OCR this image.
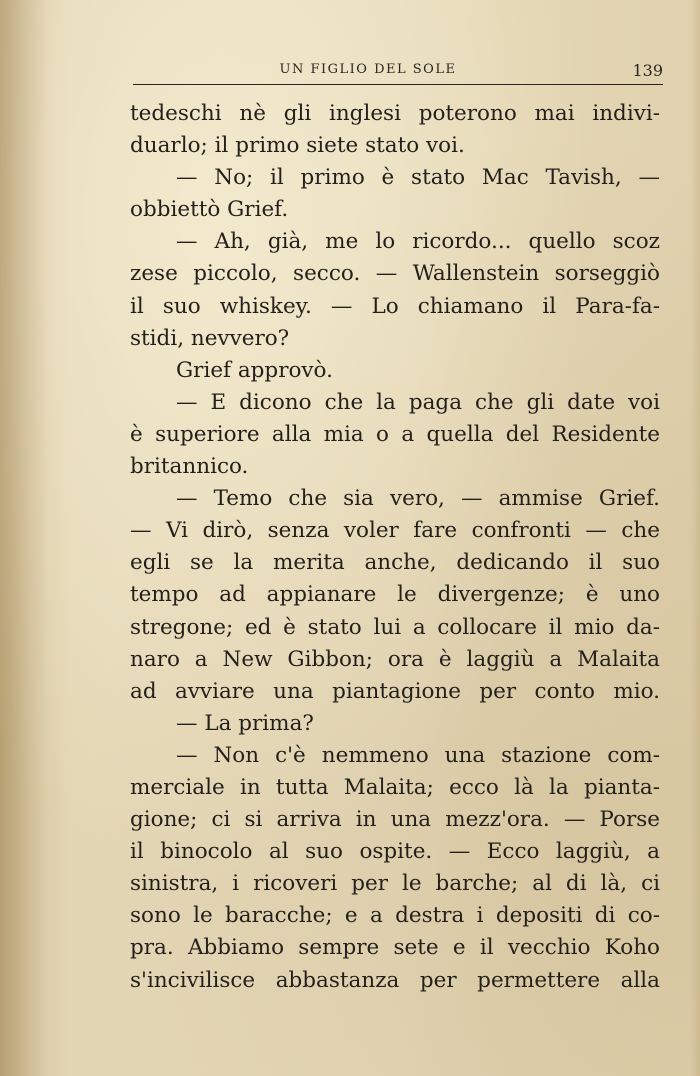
UN FIGLIO DEL SOLE	139
tedeschi nè gli inglesi poterono mai indivi-
duarlo; il primo siete stato voi.
— No; il primo è stato Mac Tavish, —
obbiettò Grief.
— Ah, già, me lo ricordo... quello scoz
zese piccolo, secco. — Wallenstein sorseggiò
il suo whiskey. — Lo chiamano il Para-fa-
stidi, nevvero?
Grief approvò.
— E dicono che la paga che gli date voi
è superiore alla mia o a quella del Residente
britannico.
— Temo che sia vero, — ammise Grief.
— Vi dirò, senza voler fare confronti — che
egli se la merita anche, dedicando il suo
tempo ad appianare le divergenze; è uno
stregone; ed è stato lui a collocare il mio da-
naro a New Gibbon; ora è laggiù a Malaita
ad avviare una piantagione per conto mio.
— La prima?
— Non c'è nemmeno una stazione com-
merciale in tutta Malaita; ecco là la pianta-
gione; ci si arriva in una mezz'ora. — Porse
il binocolo al suo ospite. — Ecco laggiù, a
sinistra, i ricoveri per le barche; al di là, ci
sono le baracche; e a destra i depositi di co-
pra. Abbiamo sempre sete e il vecchio Koho
s'incivilisce abbastanza per permettere alla
